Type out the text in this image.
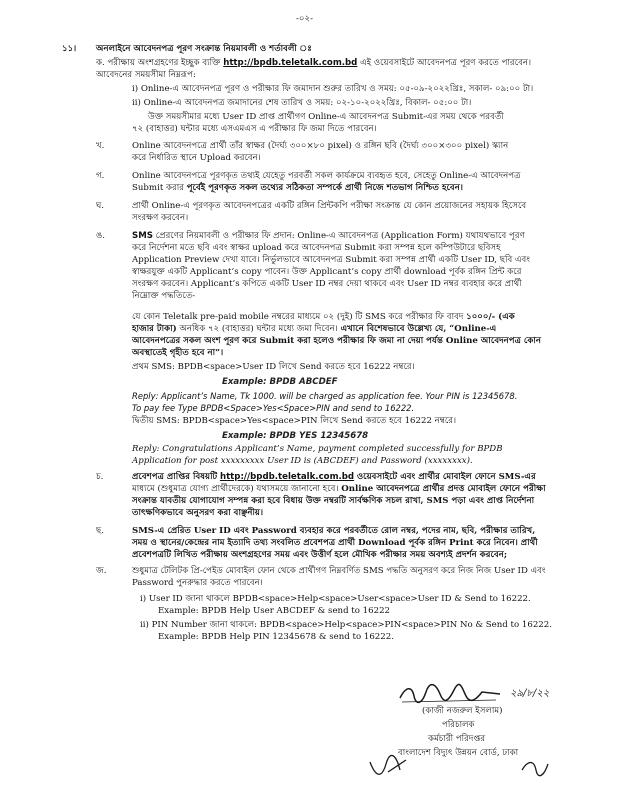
-০২-
১১। অনলাইনে আবেদনপত্র পূরণ সংক্রান্ত নিয়মাবলী ও শর্তাবলী ঃ
ক. পরীক্ষায় অংশগ্রহণের ইচ্ছুক ব্যক্তি http://bpdb.teletalk.com.bd এই ওয়েবসাইটে আবেদনপত্র পূরণ করতে পারবেন।
আবেদনের সময়সীমা নিম্নরূপ:
i) Online-এ আবেদনপত্র পূরণ ও পরীক্ষার ফি জমাদান শুরুর তারিখ ও সময়: ০৫-০৯-২০২২খ্রিঃ, সকাল- ০৯:০০ টা।
ii) Online-এ আবেদনপত্র জমাদানের শেষ তারিখ ও সময়: ০২-১০-২০২২খ্রিঃ, বিকাল- ০৫:০০ টা।
উক্ত সময়সীমার মধ্যে User ID প্রাপ্ত প্রার্থীগণ Online-এ আবেদনপত্র Submit-এর সময় থেকে পরবর্তী
৭২ (বাহাত্তর) ঘন্টার মধ্যে এসএমএস এ পরীক্ষার ফি জমা দিতে পারবেন।
খ.	Online আবেদনপত্রে প্রার্থী তাঁর স্বাক্ষর (দৈর্ঘ্য ৩০০×৮০ pixel) ও রঙ্গিন ছবি (দৈর্ঘ্য ৩০০×৩০০ pixel) স্ক্যান
করে নির্ধারিত স্থানে Upload করবেন।
গ.	Online আবেদনপত্রে পূরণকৃত তথ্যই যেহেতু পরবর্তী সকল কার্যক্রমে ব্যবহৃত হবে, সেহেতু Online-এ আবেদনপত্র
Submit করার পূর্বেই পূরণকৃত সকল তথ্যের সঠিকতা সম্পর্কে প্রার্থী নিজে শতভাগ নিশ্চিত হবেন।
ঘ.	প্রার্থী Online-এ পূরণকৃত আবেদনপত্রের একটি রঙ্গিন প্রিন্টকপি পরীক্ষা সংক্রান্ত যে কোন প্রয়োজনের সহায়ক হিসেবে
সংরক্ষণ করবেন।
ঙ.	SMS প্রেরণের নিয়মাবলী ও পরীক্ষার ফি প্রদান: Online-এ আবেদনপত্র (Application Form) যথাযথভাবে পূরণ
করে নির্দেশনা মতে ছবি এবং স্বাক্ষর upload করে আবেদনপত্র Submit করা সম্পন্ন হলে কম্পিউটারে ছবিসহ
Application Preview দেখা যাবে। নির্ভুলভাবে আবেদনপত্র Submit করা সম্পন্ন প্রার্থী একটি User ID, ছবি এবং
স্বাক্ষরযুক্ত একটি Applicant’s copy পাবেন। উক্ত Applicant’s copy প্রার্থী download পূর্বক রঙ্গিন প্রিন্ট করে
সংরক্ষণ করবেন। Applicant’s কপিতে একটি User ID নম্বর দেয়া থাকবে এবং User ID নম্বর ব্যবহার করে প্রার্থী
নিম্নোক্ত পদ্ধতিতে-
যে কোন Teletalk pre-paid mobile নম্বরের মাধ্যমে ০২ (দুই) টি SMS করে পরীক্ষার ফি বাবদ ১০০০/- (এক
হাজার টাকা) অনধিক ৭২ (বাহাত্তর) ঘন্টার মধ্যে জমা দিবেন। এখানে বিশেষভাবে উল্লেখ্য যে, “Online-এ
আবেদনপত্রের সকল অংশ পূরণ করে Submit করা হলেও পরীক্ষার ফি জমা না দেয়া পর্যন্ত Online আবেদনপত্র কোন
অবস্থাতেই গৃহীত হবে না”।
প্রথম SMS: BPDB<space>User ID লিখে Send করতে হবে 16222 নম্বরে।
Example: BPDB ABCDEF
Reply: Applicant’s Name, Tk 1000. will be charged as application fee. Your PIN is 12345678.
To pay fee Type BPDB<Space>Yes<Space>PIN and send to 16222.
দ্বিতীয় SMS: BPDB<space>Yes<space>PIN লিখে Send করতে হবে 16222 নম্বরে।
Example: BPDB YES 12345678
Reply: Congratulations Applicant’s Name, payment completed successfully for BPDB
Application for post xxxxxxxxx User ID is (ABCDEF) and Password (xxxxxxxx).
চ.	প্রবেশপত্র প্রাপ্তির বিষয়টি http://bpdb.teletalk.com.bd ওয়েবসাইটে এবং প্রার্থীর মোবাইল ফোনে SMS-এর
মাধ্যমে (শুধুমাত্র যোগ্য প্রার্থীদেরকে) যথাসময়ে জানানো হবে। Online আবেদনপত্রে প্রার্থীর প্রদত্ত মোবাইল ফোনে পরীক্ষা
সংক্রান্ত যাবতীয় যোগাযোগ সম্পন্ন করা হবে বিধায় উক্ত নম্বরটি সার্বক্ষণিক সচল রাখা, SMS পড়া এবং প্রাপ্ত নির্দেশনা
তাৎক্ষণিকভাবে অনুসরণ করা বাঞ্ছনীয়।
ছ.	SMS-এ প্রেরিত User ID এবং Password ব্যবহার করে পরবর্তীতে রোল নম্বর, পদের নাম, ছবি, পরীক্ষার তারিখ,
সময় ও স্থানের/কেন্দ্রের নাম ইত্যাদি তথ্য সংবলিত প্রবেশপত্র প্রার্থী Download পূর্বক রঙ্গিন Print করে নিবেন। প্রার্থী
প্রবেশপত্রটি লিখিত পরীক্ষায় অংশগ্রহণের সময় এবং উত্তীর্ণ হলে মৌখিক পরীক্ষার সময় অবশ্যই প্রদর্শন করবেন;
জ.	শুধুমাত্র টেলিটক প্রি-পেইড মোবাইল ফোন থেকে প্রার্থীগণ নিম্নবর্ণিত SMS পদ্ধতি অনুসরণ করে নিজ নিজ User ID এবং
Password পুনরুদ্ধার করতে পারবেন।
i) User ID জানা থাকলে BPDB<space>Help<space>User<space>User ID & Send to 16222.
Example: BPDB Help User ABCDEF & send to 16222
ii) PIN Number জানা থাকলে: BPDB<space>Help<space>PIN<space>PIN No & Send to 16222.
Example: BPDB Help PIN 12345678 & send to 16222.
২৯/৮/২২
(কাজী নজরুল ইসলাম)
পরিচালক
কর্মচারী পরিদপ্তর
বাংলাদেশ বিদ্যুৎ উন্নয়ন বোর্ড, ঢাকা
